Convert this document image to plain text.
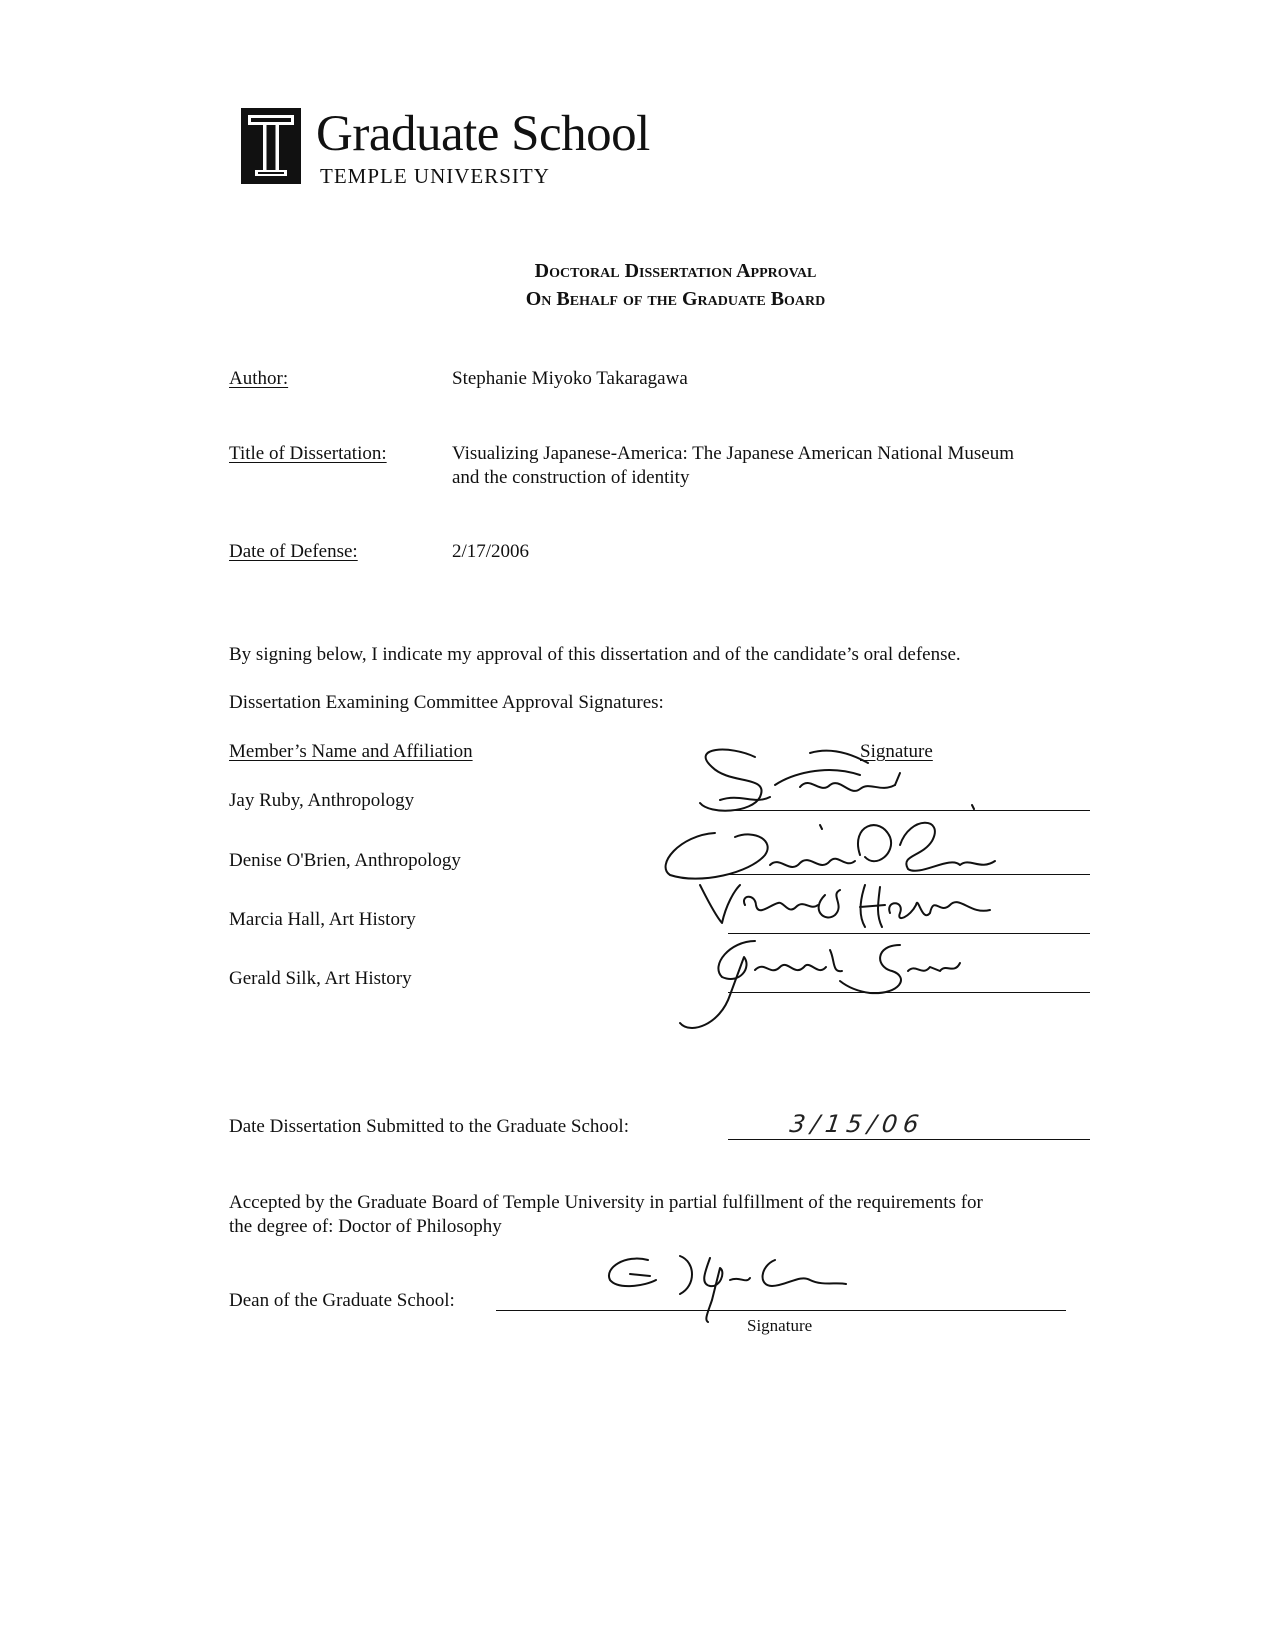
Graduate School
TEMPLE UNIVERSITY
Doctoral Dissertation Approval
On Behalf of the Graduate Board
Author:	Stephanie Miyoko Takaragawa
Title of Dissertation:	Visualizing Japanese-America: The Japanese American National Museum
and the construction of identity
Date of Defense:	2/17/2006
By signing below, I indicate my approval of this dissertation and of the candidate’s oral defense.
Dissertation Examining Committee Approval Signatures:
Member’s Name and Affiliation	Signature
Jay Ruby, Anthropology
Denise O'Brien, Anthropology
Marcia Hall, Art History
Gerald Silk, Art History
Date Dissertation Submitted to the Graduate School:	3/15/06
Accepted by the Graduate Board of Temple University in partial fulfillment of the requirements for
the degree of: Doctor of Philosophy
Dean of the Graduate School:
Signature
